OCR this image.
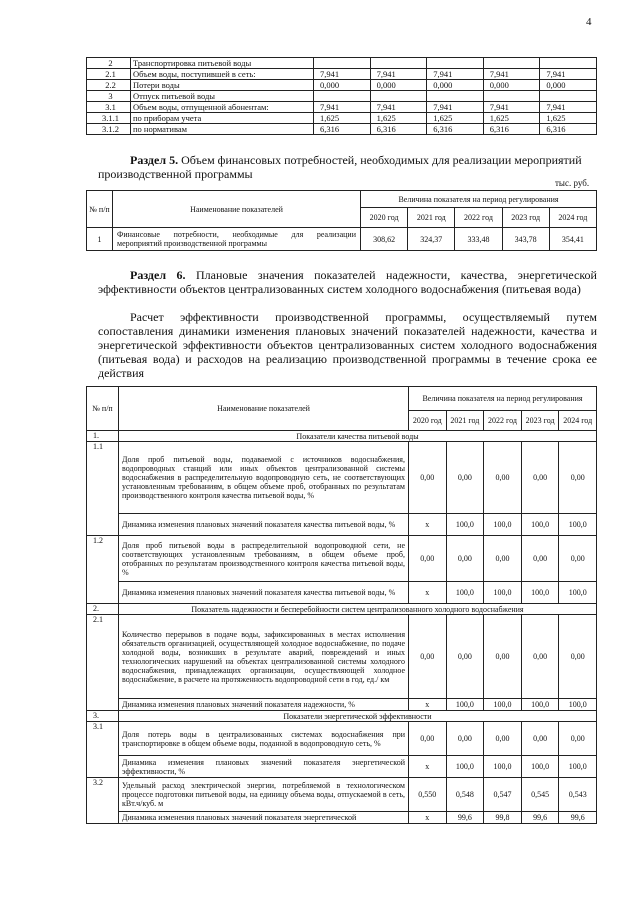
4
2	Транспортировка питьевой воды					
2.1	Объем воды, поступившей в сеть:	7,941	7,941	7,941	7,941	7,941
2.2	Потери воды	0,000	0,000	0,000	0,000	0,000
3	Отпуск питьевой воды					
3.1	Объем воды, отпущенной абонентам:	7,941	7,941	7,941	7,941	7,941
3.1.1	по приборам учета	1,625	1,625	1,625	1,625	1,625
3.1.2	по нормативам	6,316	6,316	6,316	6,316	6,316
Раздел 5. Объем финансовых потребностей, необходимых для реализации мероприятий производственной программы
тыс. руб.
№ п/п	Наименование показателей	Величина показателя на период регулирования				
		2020 год	2021 год	2022 год	2023 год	2024 год
1	Финансовые потребности, необходимые для реализации мероприятий производственной программы	308,62	324,37	333,48	343,78	354,41
Раздел 6. Плановые значения показателей надежности, качества, энергетической эффективности объектов централизованных систем холодного водоснабжения (питьевая вода)
Расчет эффективности производственной программы, осуществляемый путем сопоставления динамики изменения плановых значений показателей надежности, качества и энергетической эффективности объектов централизованных систем холодного водоснабжения (питьевая вода) и расходов на реализацию производственной программы в течение срока ее действия
№ п/п	Наименование показателей	Величина показателя на период регулирования				
		2020 год	2021 год	2022 год	2023 год	2024 год
1.	Показатели качества питьевой воды					
1.1	Доля проб питьевой воды, подаваемой с источников водоснабжения, водопроводных станций или иных объектов централизованной системы водоснабжения в распределительную водопроводную сеть, не соответствующих установленным требованиям, в общем объеме проб, отобранных по результатам производственного контроля качества питьевой воды, %	0,00	0,00	0,00	0,00	0,00
	Динамика изменения плановых значений показателя качества питьевой воды, %	х	100,0	100,0	100,0	100,0
1.2	Доля проб питьевой воды в распределительной водопроводной сети, не соответствующих установленным требованиям, в общем объеме проб, отобранных по результатам производственного контроля качества питьевой воды, %	0,00	0,00	0,00	0,00	0,00
	Динамика изменения плановых значений показателя качества питьевой воды, %	х	100,0	100,0	100,0	100,0
2.	Показатель надежности и бесперебойности систем централизованного холодного водоснабжения					
2.1	Количество перерывов в подаче воды, зафиксированных в местах исполнения обязательств организацией, осуществляющей холодное водоснабжение, по подаче холодной воды, возникших в результате аварий, повреждений и иных технологических нарушений на объектах централизованной системы холодного водоснабжения, принадлежащих организации, осуществляющей холодное водоснабжение, в расчете на протяженность водопроводной сети в год, ед./ км	0,00	0,00	0,00	0,00	0,00
	Динамика изменения плановых значений показателя надежности, %	х	100,0	100,0	100,0	100,0
3.	Показатели энергетической эффективности					
3.1	Доля потерь воды в централизованных системах водоснабжения при транспортировке в общем объеме воды, поданной в водопроводную сеть, %	0,00	0,00	0,00	0,00	0,00
	Динамика изменения плановых значений показателя энергетической эффективности, %	х	100,0	100,0	100,0	100,0
3.2	Удельный расход электрической энергии, потребляемой в технологическом процессе подготовки питьевой воды, на единицу объема воды, отпускаемой в сеть, кВт.ч/куб. м	0,550	0,548	0,547	0,545	0,543
	Динамика изменения плановых значений показателя энергетической	х	99,6	99,8	99,6	99,6
